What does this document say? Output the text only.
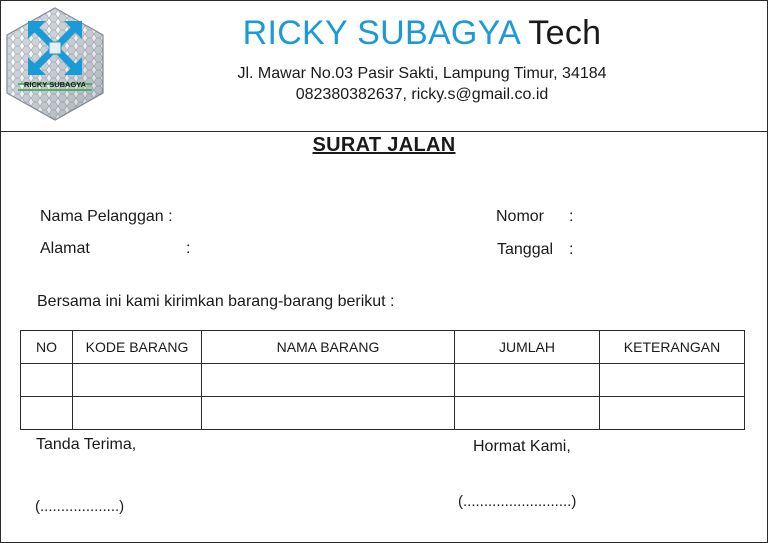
RICKY SUBAGYA
RICKY SUBAGYA Tech
Jl. Mawar No.03 Pasir Sakti, Lampung Timur, 34184
082380382637, ricky.s@gmail.co.id
SURAT JALAN
Nama Pelanggan :
Alamat	:
Nomor :
Tanggal :
Bersama ini kami kirimkan barang-barang berikut :
NO	KODE BARANG	NAMA BARANG	JUMLAH	KETERANGAN

Tanda Terima,
(...................)
Hormat Kami,
(..........................)
